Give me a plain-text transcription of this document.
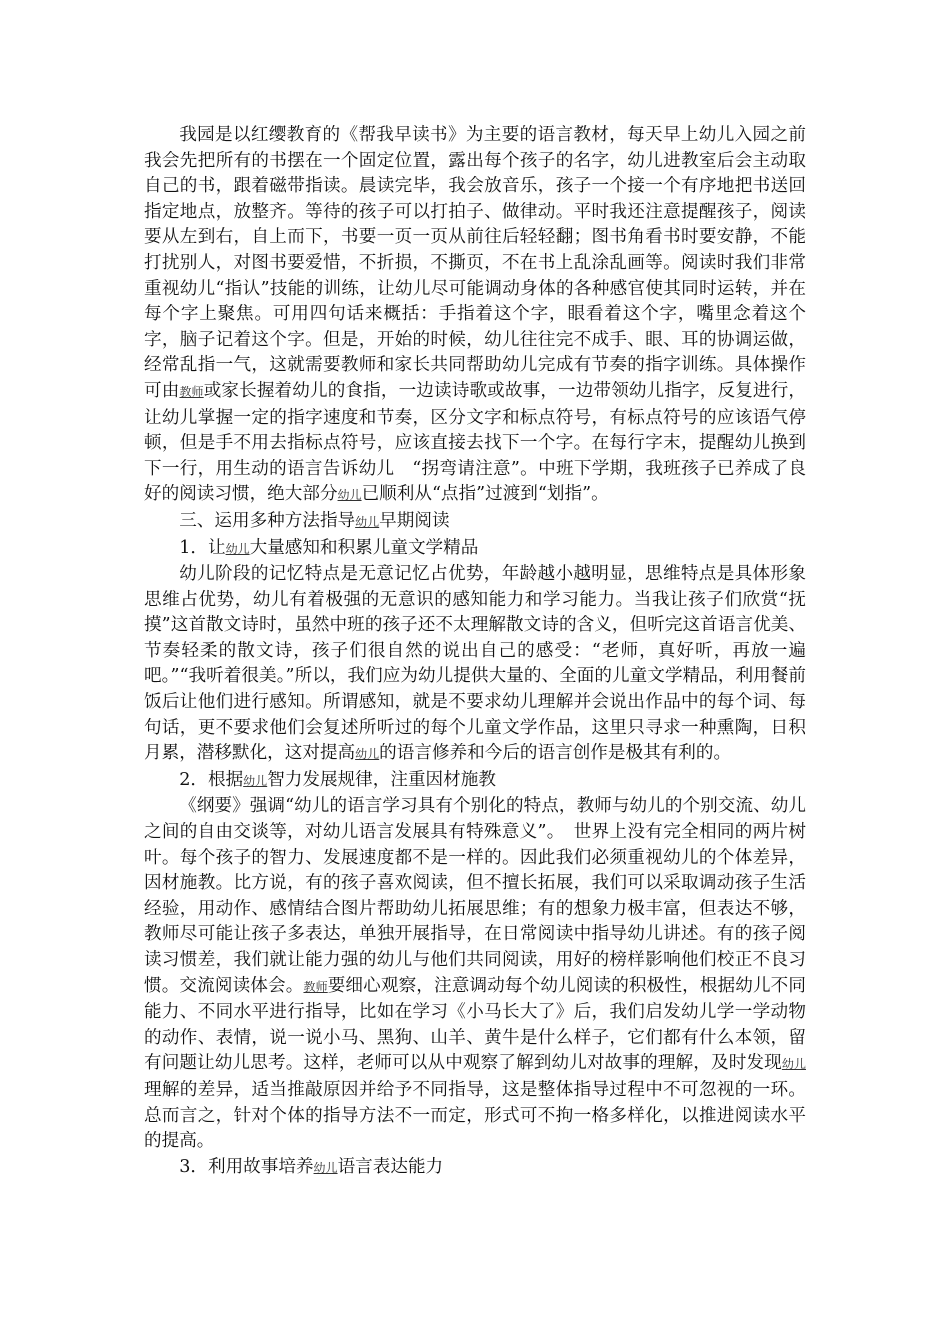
我园是以红缨教育的《帮我早读书》为主要的语言教材，每天早上幼儿入园之前我会先把所有的书摆在一个固定位置，露出每个孩子的名字，幼儿进教室后会主动取自己的书，跟着磁带指读。晨读完毕，我会放音乐，孩子一个接一个有序地把书送回指定地点，放整齐。等待的孩子可以打拍子、做律动。平时我还注意提醒孩子，阅读要从左到右，自上而下，书要一页一页从前往后轻轻翻；图书角看书时要安静，不能打扰别人，对图书要爱惜，不折损，不撕页，不在书上乱涂乱画等。阅读时我们非常重视幼儿“指认”技能的训练，让幼儿尽可能调动身体的各种感官使其同时运转，并在每个字上聚焦。可用四句话来概括：手指着这个字，眼看着这个字，嘴里念着这个字，脑子记着这个字。但是，开始的时候，幼儿往往完不成手、眼、耳的协调运做，经常乱指一气，这就需要教师和家长共同帮助幼儿完成有节奏的指字训练。具体操作可由教师或家长握着幼儿的食指，一边读诗歌或故事，一边带领幼儿指字，反复进行，让幼儿掌握一定的指字速度和节奏，区分文字和标点符号，有标点符号的应该语气停顿，但是手不用去指标点符号，应该直接去找下一个字。在每行字末，提醒幼儿换到下一行，用生动的语言告诉幼儿　“拐弯请注意”。中班下学期，我班孩子已养成了良好的阅读习惯，绝大部分幼儿已顺利从“点指”过渡到“划指”。

三、运用多种方法指导幼儿早期阅读

1．让幼儿大量感知和积累儿童文学精品

幼儿阶段的记忆特点是无意记忆占优势，年龄越小越明显，思维特点是具体形象思维占优势，幼儿有着极强的无意识的感知能力和学习能力。当我让孩子们欣赏“抚摸”这首散文诗时，虽然中班的孩子还不太理解散文诗的含义，但听完这首语言优美、节奏轻柔的散文诗，孩子们很自然的说出自己的感受：“老师，真好听，再放一遍吧。”“我听着很美。”所以，我们应为幼儿提供大量的、全面的儿童文学精品，利用餐前饭后让他们进行感知。所谓感知，就是不要求幼儿理解并会说出作品中的每个词、每句话，更不要求他们会复述所听过的每个儿童文学作品，这里只寻求一种熏陶，日积月累，潜移默化，这对提高幼儿的语言修养和今后的语言创作是极其有利的。

2．根据幼儿智力发展规律，注重因材施教

《纲要》强调“幼儿的语言学习具有个别化的特点，教师与幼儿的个别交流、幼儿之间的自由交谈等，对幼儿语言发展具有特殊意义”。　世界上没有完全相同的两片树叶。每个孩子的智力、发展速度都不是一样的。因此我们必须重视幼儿的个体差异，因材施教。比方说，有的孩子喜欢阅读，但不擅长拓展，我们可以采取调动孩子生活经验，用动作、感情结合图片帮助幼儿拓展思维；有的想象力极丰富，但表达不够，教师尽可能让孩子多表达，单独开展指导，在日常阅读中指导幼儿讲述。有的孩子阅读习惯差，我们就让能力强的幼儿与他们共同阅读，用好的榜样影响他们校正不良习惯。交流阅读体会。教师要细心观察，注意调动每个幼儿阅读的积极性，根据幼儿不同能力、不同水平进行指导，比如在学习《小马长大了》后，我们启发幼儿学一学动物的动作、表情，说一说小马、黑狗、山羊、黄牛是什么样子，它们都有什么本领，留有问题让幼儿思考。这样，老师可以从中观察了解到幼儿对故事的理解，及时发现幼儿理解的差异，适当推敲原因并给予不同指导，这是整体指导过程中不可忽视的一环。总而言之，针对个体的指导方法不一而定，形式可不拘一格多样化，以推进阅读水平的提高。

3．利用故事培养幼儿语言表达能力
